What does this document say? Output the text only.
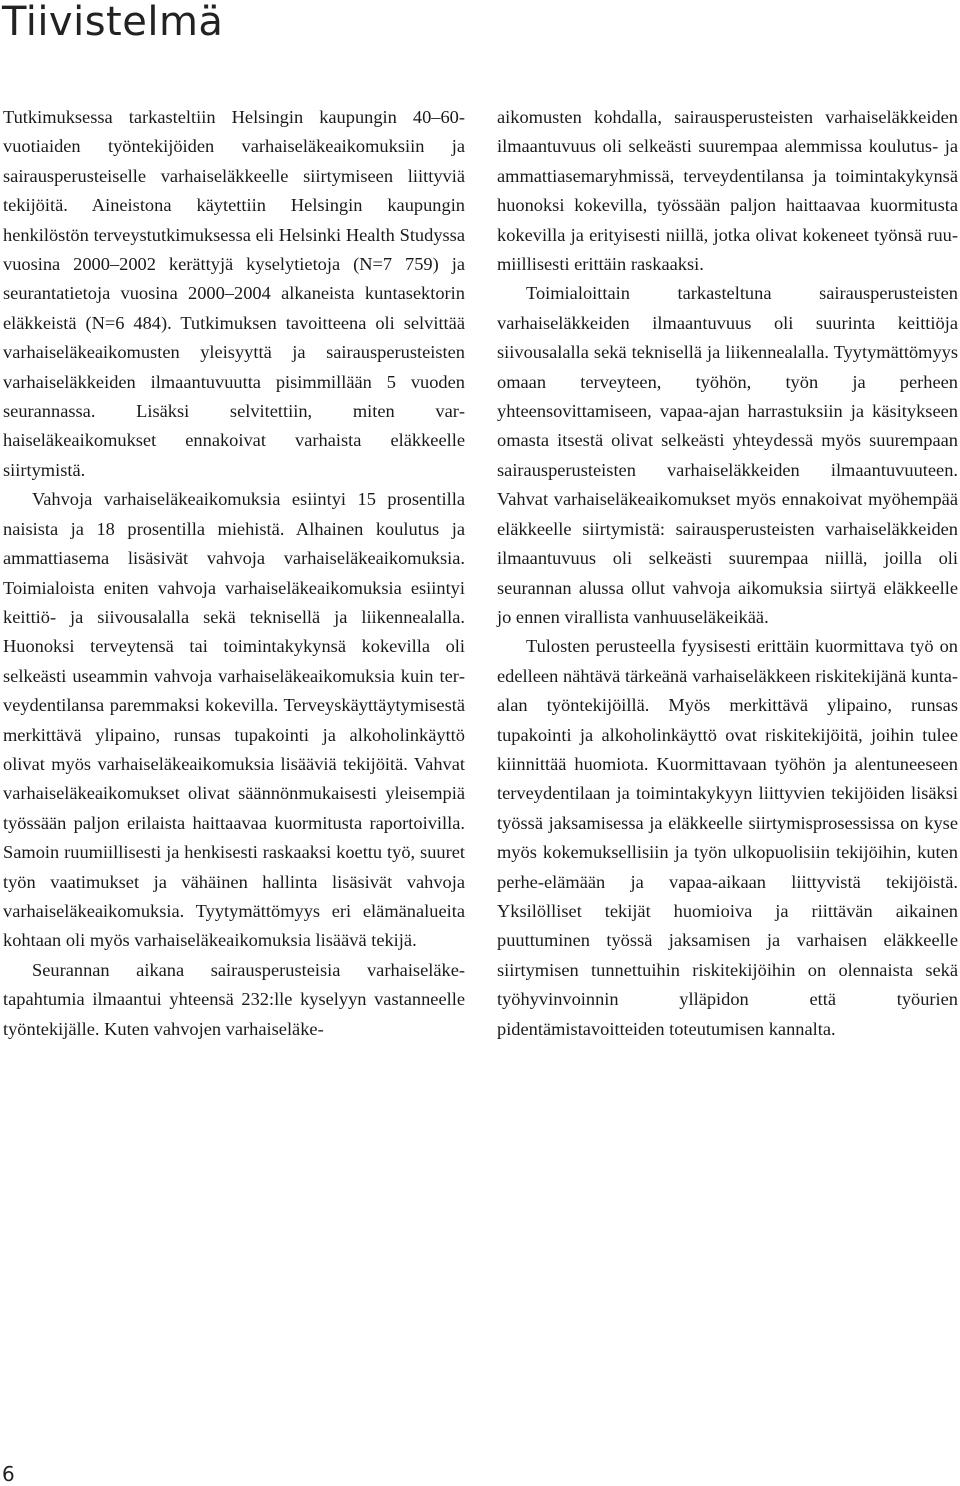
Tiivistelmä

Tutkimuksessa tarkasteltiin Helsingin kaupungin 40–60-vuotiaiden työntekijöiden varhaiseläkeaikomuksiin ja sairausperusteiselle varhaiseläkkeelle siirtymiseen liittyviä tekijöitä. Aineistona käytettiin Helsingin kaupungin henkilöstön terveystutkimuksessa eli Helsinki Health Studyssa vuosina 2000–2002 kerättyjä kyselytietoja (N=7 759) ja seurantatietoja vuosina 2000–2004 alkaneista kuntasektorin eläkkeistä (N=6 484). Tutkimuksen tavoitteena oli selvittää varhaiseläkeaikomusten yleisyyttä ja sairausperusteisten varhaiseläkkeiden ilmaantuvuutta pisimmillään 5 vuoden seurannassa. Lisäksi selvitettiin, miten varhaiseläkeaikomukset ennakoivat varhaista eläkkeelle siirtymistä.

Vahvoja varhaiseläkeaikomuksia esiintyi 15 prosentilla naisista ja 18 prosentilla miehistä. Alhainen koulutus ja ammattiasema lisäsivät vahvoja varhaiseläkeaikomuksia. Toimialoista eniten vahvoja varhaiseläkeaikomuksia esiintyi keittiö- ja siivousalalla sekä teknisellä ja liikennealalla. Huonoksi terveytensä tai toimintakykynsä kokevilla oli selkeästi useammin vahvoja varhaiseläkeaikomuksia kuin terveydentilansa paremmaksi kokevilla. Terveyskäyttäytymisestä merkittävä ylipaino, runsas tupakointi ja alkoholinkäyttö olivat myös varhaiseläkeaikomuksia lisääviä tekijöitä. Vahvat varhaiseläkeaikomukset olivat säännönmukaisesti yleisempiä työssään paljon erilaista haittaavaa kuormitusta raportoivilla. Samoin ruumiillisesti ja henkisesti raskaaksi koettu työ, suuret työn vaatimukset ja vähäinen hallinta lisäsivät vahvoja varhaiseläkeaikomuksia. Tyytymättömyys eri elämänalueita kohtaan oli myös varhaiseläkeaikomuksia lisäävä tekijä.

Seurannan aikana sairausperusteisia varhaiseläketapahtumia ilmaantui yhteensä 232:lle kyselyyn vastanneelle työntekijälle. Kuten vahvojen varhaiseläke-

aikomusten kohdalla, sairausperusteisten varhaiseläkkeiden ilmaantuvuus oli selkeästi suurempaa alemmissa koulutus- ja ammattiasemaryhmissä, terveydentilansa ja toimintakykynsä huonoksi kokevilla, työssään paljon haittaavaa kuormitusta kokevilla ja erityisesti niillä, jotka olivat kokeneet työnsä ruumiillisesti erittäin raskaaksi.

Toimialoittain tarkasteltuna sairausperusteisten varhaiseläkkeiden ilmaantuvuus oli suurinta keittiöja siivousalalla sekä teknisellä ja liikennealalla. Tyytymättömyys omaan terveyteen, työhön, työn ja perheen yhteensovittamiseen, vapaa-ajan harrastuksiin ja käsitykseen omasta itsestä olivat selkeästi yhteydessä myös suurempaan sairausperusteisten varhaiseläkkeiden ilmaantuvuuteen. Vahvat varhaiseläkeaikomukset myös ennakoivat myöhempää eläkkeelle siirtymistä: sairausperusteisten varhaiseläkkeiden ilmaantuvuus oli selkeästi suurempaa niillä, joilla oli seurannan alussa ollut vahvoja aikomuksia siirtyä eläkkeelle jo ennen virallista vanhuuseläkeikää.

Tulosten perusteella fyysisesti erittäin kuormittava työ on edelleen nähtävä tärkeänä varhaiseläkkeen riskitekijänä kunta-alan työntekijöillä. Myös merkittävä ylipaino, runsas tupakointi ja alkoholinkäyttö ovat riskitekijöitä, joihin tulee kiinnittää huomiota. Kuormittavaan työhön ja alentuneeseen terveydentilaan ja toimintakykyyn liittyvien tekijöiden lisäksi työssä jaksamisessa ja eläkkeelle siirtymisprosessissa on kyse myös kokemuksellisiin ja työn ulkopuolisiin tekijöihin, kuten perhe-elämään ja vapaa-aikaan liittyvistä tekijöistä. Yksilölliset tekijät huomioiva ja riittävän aikainen puuttuminen työssä jaksamisen ja varhaisen eläkkeelle siirtymisen tunnettuihin riskitekijöihin on olennaista sekä työhyvinvoinnin ylläpidon että työurien pidentämistavoitteiden toteutumisen kannalta.

6
